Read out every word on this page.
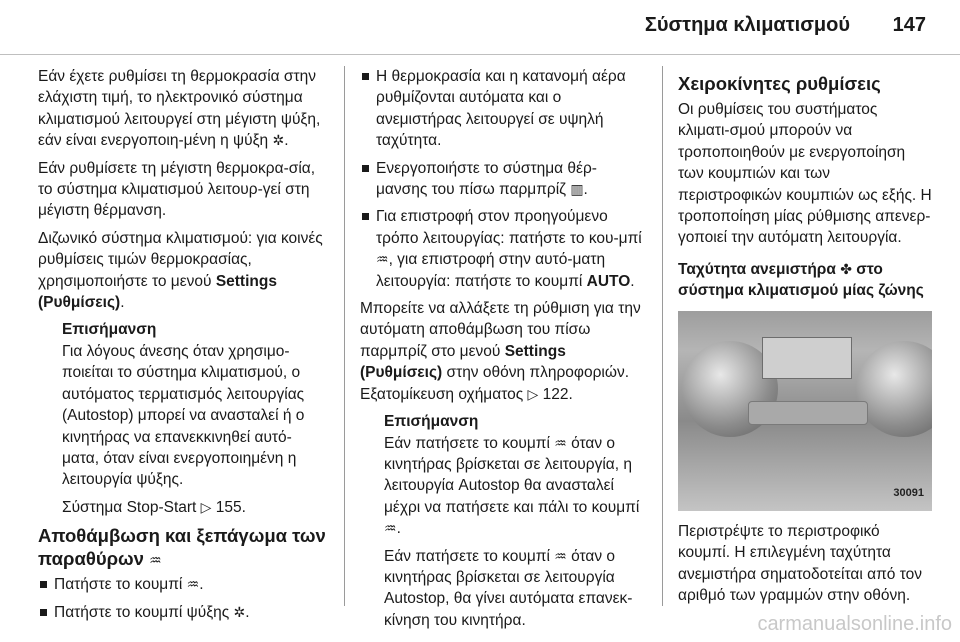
Σύστημα κλιματισμού 147

Εάν έχετε ρυθμίσει τη θερμοκρασία στην ελάχιστη τιμή, το ηλεκτρονικό σύστημα κλιματισμού λειτουργεί στη μέγιστη ψύξη, εάν είναι ενεργοποιη-μένη η ψύξη ✲.

Εάν ρυθμίσετε τη μέγιστη θερμοκρα-σία, το σύστημα κλιματισμού λειτουρ-γεί στη μέγιστη θέρμανση.

Διζωνικό σύστημα κλιματισμού: για κοινές ρυθμίσεις τιμών θερμοκρασίας, χρησιμοποιήστε το μενού Settings (Ρυθμίσεις).

Επισήμανση

Για λόγους άνεσης όταν χρησιμο-ποιείται το σύστημα κλιματισμού, ο αυτόματος τερματισμός λειτουργίας (Autostop) μπορεί να ανασταλεί ή ο κινητήρας να επανεκκινηθεί αυτό-ματα, όταν είναι ενεργοποιημένη η λειτουργία ψύξης.

Σύστημα Stop-Start ▷ 155.

Αποθάμβωση και ξεπάγωμα των παραθύρων ♒
Πατήστε το κουμπί ♒.
Πατήστε το κουμπί ψύξης ✲.
Η θερμοκρασία και η κατανομή αέρα ρυθμίζονται αυτόματα και ο ανεμιστήρας λειτουργεί σε υψηλή ταχύτητα.
Ενεργοποιήστε το σύστημα θέρ-μανσης του πίσω παρμπρίζ ▥.
Για επιστροφή στον προηγούμενο τρόπο λειτουργίας: πατήστε το κου-μπί ♒, για επιστροφή στην αυτό-ματη λειτουργία: πατήστε το κουμπί AUTO.

Μπορείτε να αλλάξετε τη ρύθμιση για την αυτόματη αποθάμβωση του πίσω παρμπρίζ στο μενού Settings (Ρυθμίσεις) στην οθόνη πληροφοριών. Εξατομίκευση οχήματος ▷ 122.

Επισήμανση

Εάν πατήσετε το κουμπί ♒ όταν ο κινητήρας βρίσκεται σε λειτουργία, η λειτουργία Autostop θα ανασταλεί μέχρι να πατήσετε και πάλι το κουμπί ♒.

Εάν πατήσετε το κουμπί ♒ όταν ο κινητήρας βρίσκεται σε λειτουργία Autostop, θα γίνει αυτόματα επανεκ-κίνηση του κινητήρα.

Χειροκίνητες ρυθμίσεις

Οι ρυθμίσεις του συστήματος κλιματι-σμού μπορούν να τροποποιηθούν με ενεργοποίηση των κουμπιών και των περιστροφικών κουμπιών ως εξής. Η τροποποίηση μίας ρύθμισης απενερ-γοποιεί την αυτόματη λειτουργία.

Ταχύτητα ανεμιστήρα ✤ στο σύστημα κλιματισμού μίας ζώνης
30091

Περιστρέψτε το περιστροφικό κουμπί. Η επιλεγμένη ταχύτητα ανεμιστήρα σηματοδοτείται από τον αριθμό των γραμμών στην οθόνη.

carmanualsonline.info
